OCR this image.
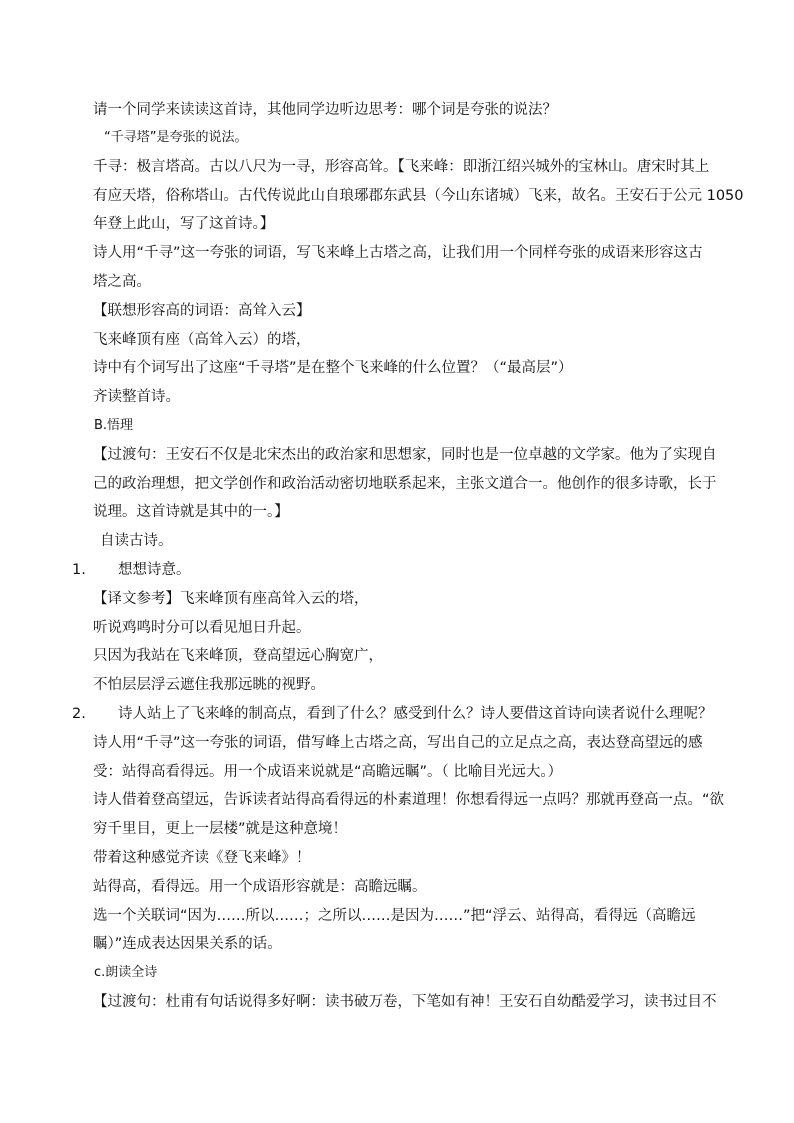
请一个同学来读读这首诗，其他同学边听边思考：哪个词是夸张的说法？
“千寻塔”是夸张的说法。
千寻：极言塔高。古以八尺为一寻，形容高耸。【飞来峰：即浙江绍兴城外的宝林山。唐宋时其上
有应天塔，俗称塔山。古代传说此山自琅琊郡东武县（今山东诸城）飞来，故名。王安石于公元 1050
年登上此山，写了这首诗。】
诗人用“千寻”这一夸张的词语，写飞来峰上古塔之高，让我们用一个同样夸张的成语来形容这古
塔之高。
【联想形容高的词语：高耸入云】
飞来峰顶有座（高耸入云）的塔，
诗中有个词写出了这座“千寻塔”是在整个飞来峰的什么位置？（“最高层”）
齐读整首诗。
B.悟理
【过渡句：王安石不仅是北宋杰出的政治家和思想家，同时也是一位卓越的文学家。他为了实现自
己的政治理想，把文学创作和政治活动密切地联系起来，主张文道合一。他创作的很多诗歌，长于
说理。这首诗就是其中的一。】
自读古诗。
1. 想想诗意。
【译文参考】飞来峰顶有座高耸入云的塔，
听说鸡鸣时分可以看见旭日升起。
只因为我站在飞来峰顶，登高望远心胸宽广，
不怕层层浮云遮住我那远眺的视野。
2. 诗人站上了飞来峰的制高点，看到了什么？感受到什么？诗人要借这首诗向读者说什么理呢？
诗人用“千寻”这一夸张的词语，借写峰上古塔之高，写出自己的立足点之高，表达登高望远的感
受：站得高看得远。用一个成语来说就是“高瞻远瞩”。（ 比喻目光远大。）
诗人借着登高望远，告诉读者站得高看得远的朴素道理！你想看得远一点吗？那就再登高一点。“欲
穷千里目，更上一层楼”就是这种意境！
带着这种感觉齐读《登飞来峰》！
站得高，看得远。用一个成语形容就是：高瞻远瞩。
选一个关联词“因为……所以……；之所以……是因为……”把“浮云、站得高，看得远（高瞻远
瞩）”连成表达因果关系的话。
c.朗读全诗
【过渡句：杜甫有句话说得多好啊：读书破万卷，下笔如有神！王安石自幼酷爱学习，读书过目不
